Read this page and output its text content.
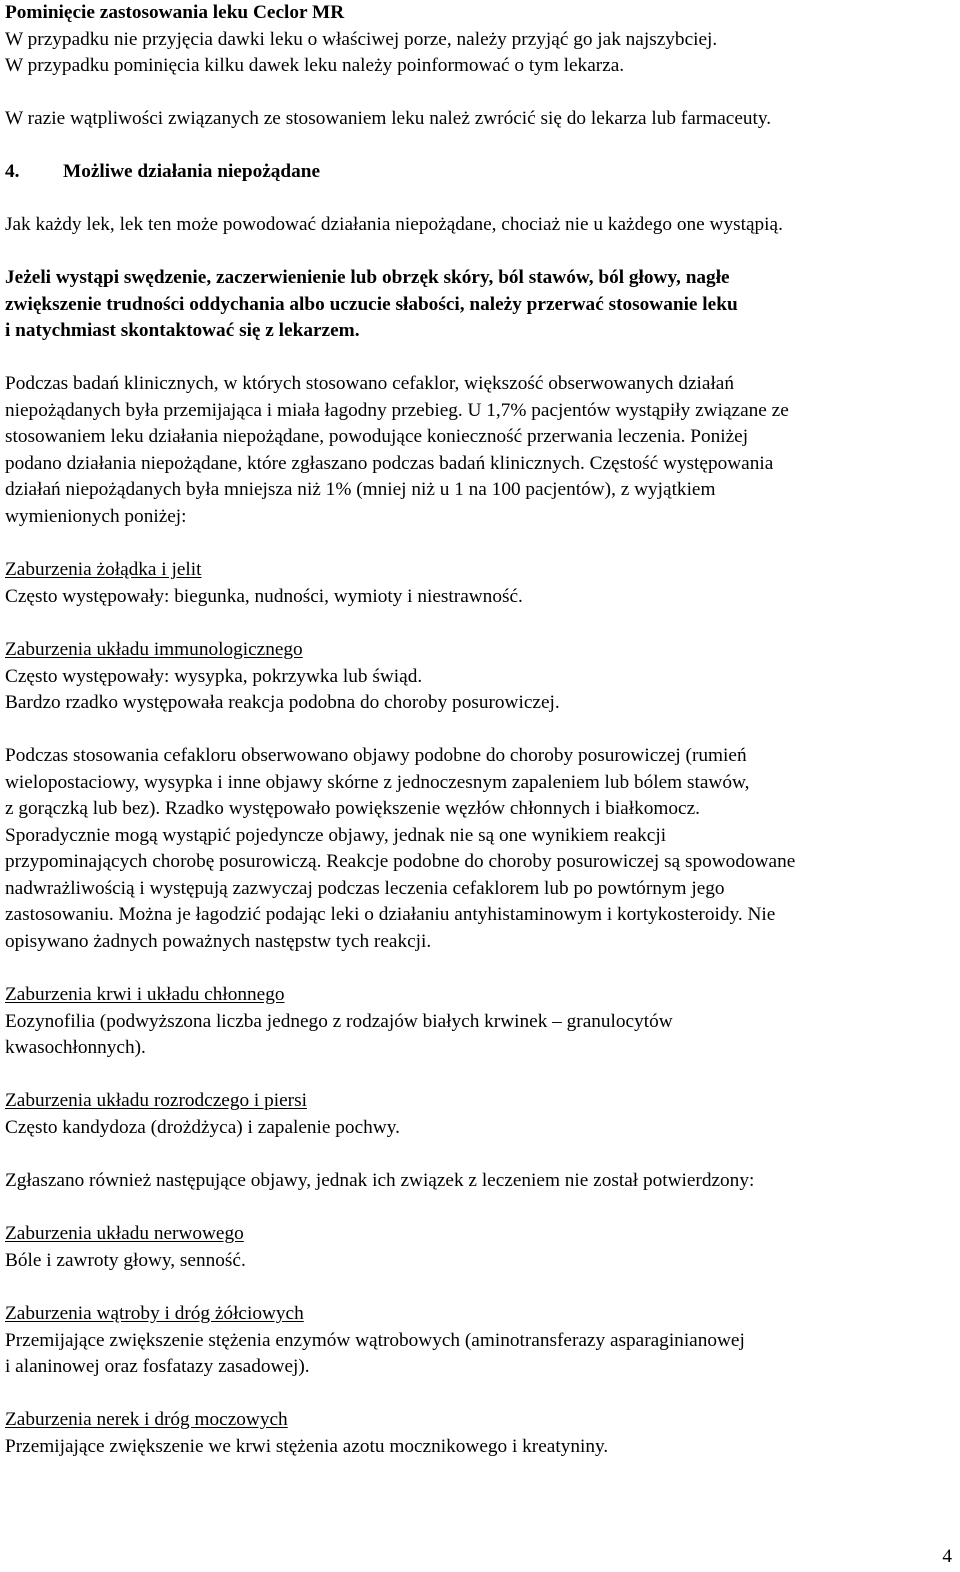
Pominięcie zastosowania leku Ceclor MR

W przypadku nie przyjęcia dawki leku o właściwej porze, należy przyjąć go jak najszybciej.

W przypadku pominięcia kilku dawek leku należy poinformować o tym lekarza.

W razie wątpliwości związanych ze stosowaniem leku należ zwrócić się do lekarza lub farmaceuty.

4. Możliwe działania niepożądane

Jak każdy lek, lek ten może powodować działania niepożądane, chociaż nie u każdego one wystąpią.

Jeżeli wystąpi swędzenie, zaczerwienienie lub obrzęk skóry, ból stawów, ból głowy, nagłe

zwiększenie trudności oddychania albo uczucie słabości, należy przerwać stosowanie leku

i natychmiast skontaktować się z lekarzem.

Podczas badań klinicznych, w których stosowano cefaklor, większość obserwowanych działań

niepożądanych była przemijająca i miała łagodny przebieg. U 1,7% pacjentów wystąpiły związane ze

stosowaniem leku działania niepożądane, powodujące konieczność przerwania leczenia. Poniżej

podano działania niepożądane, które zgłaszano podczas badań klinicznych. Częstość występowania

działań niepożądanych była mniejsza niż 1% (mniej niż u 1 na 100 pacjentów), z wyjątkiem

wymienionych poniżej:

Zaburzenia żołądka i jelit

Często występowały: biegunka, nudności, wymioty i niestrawność.

Zaburzenia układu immunologicznego

Często występowały: wysypka, pokrzywka lub świąd.

Bardzo rzadko występowała reakcja podobna do choroby posurowiczej.

Podczas stosowania cefakloru obserwowano objawy podobne do choroby posurowiczej (rumień

wielopostaciowy, wysypka i inne objawy skórne z jednoczesnym zapaleniem lub bólem stawów,

z gorączką lub bez). Rzadko występowało powiększenie węzłów chłonnych i białkomocz.

Sporadycznie mogą wystąpić pojedyncze objawy, jednak nie są one wynikiem reakcji

przypominających chorobę posurowiczą. Reakcje podobne do choroby posurowiczej są spowodowane

nadwrażliwością i występują zazwyczaj podczas leczenia cefaklorem lub po powtórnym jego

zastosowaniu. Można je łagodzić podając leki o działaniu antyhistaminowym i kortykosteroidy. Nie

opisywano żadnych poważnych następstw tych reakcji.

Zaburzenia krwi i układu chłonnego

Eozynofilia (podwyższona liczba jednego z rodzajów białych krwinek – granulocytów

kwasochłonnych).

Zaburzenia układu rozrodczego i piersi

Często kandydoza (drożdżyca) i zapalenie pochwy.

Zgłaszano również następujące objawy, jednak ich związek z leczeniem nie został potwierdzony:

Zaburzenia układu nerwowego

Bóle i zawroty głowy, senność.

Zaburzenia wątroby i dróg żółciowych

Przemijające zwiększenie stężenia enzymów wątrobowych (aminotransferazy asparaginianowej

i alaninowej oraz fosfatazy zasadowej).

Zaburzenia nerek i dróg moczowych

Przemijające zwiększenie we krwi stężenia azotu mocznikowego i kreatyniny.

4
